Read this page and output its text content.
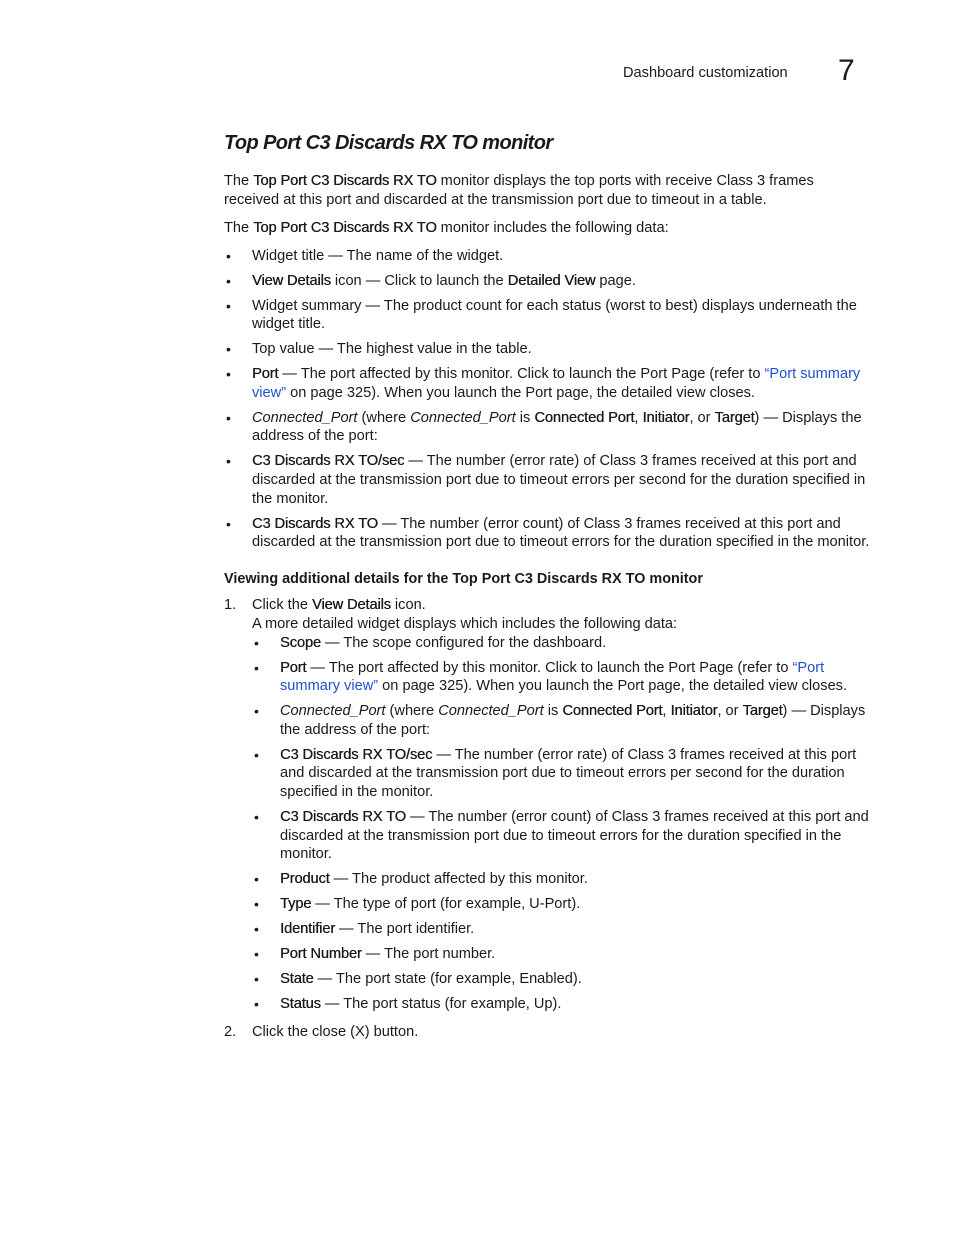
Dashboard customization 7
Top Port C3 Discards RX TO monitor

The Top Port C3 Discards RX TO monitor displays the top ports with receive Class 3 frames received at this port and discarded at the transmission port due to timeout in a table.

The Top Port C3 Discards RX TO monitor includes the following data:

• Widget title — The name of the widget.
• View Details icon — Click to launch the Detailed View page.
• Widget summary — The product count for each status (worst to best) displays underneath the widget title.
• Top value — The highest value in the table.
• Port — The port affected by this monitor. Click to launch the Port Page (refer to “Port summary view” on page 325). When you launch the Port page, the detailed view closes.
• Connected_Port (where Connected_Port is Connected Port, Initiator, or Target) — Displays the address of the port:
• C3 Discards RX TO/sec — The number (error rate) of Class 3 frames received at this port and discarded at the transmission port due to timeout errors per second for the duration specified in the monitor.
• C3 Discards RX TO — The number (error count) of Class 3 frames received at this port and discarded at the transmission port due to timeout errors for the duration specified in the monitor.

Viewing additional details for the Top Port C3 Discards RX TO monitor

1. Click the View Details icon.

A more detailed widget displays which includes the following data:

• Scope — The scope configured for the dashboard.
• Port — The port affected by this monitor. Click to launch the Port Page (refer to “Port summary view” on page 325). When you launch the Port page, the detailed view closes.
• Connected_Port (where Connected_Port is Connected Port, Initiator, or Target) — Displays the address of the port:
• C3 Discards RX TO/sec — The number (error rate) of Class 3 frames received at this port and discarded at the transmission port due to timeout errors per second for the duration specified in the monitor.
• C3 Discards RX TO — The number (error count) of Class 3 frames received at this port and discarded at the transmission port due to timeout errors for the duration specified in the monitor.
• Product — The product affected by this monitor.
• Type — The type of port (for example, U-Port).
• Identifier — The port identifier.
• Port Number — The port number.
• State — The port state (for example, Enabled).
• Status — The port status (for example, Up).
2. Click the close (X) button.
